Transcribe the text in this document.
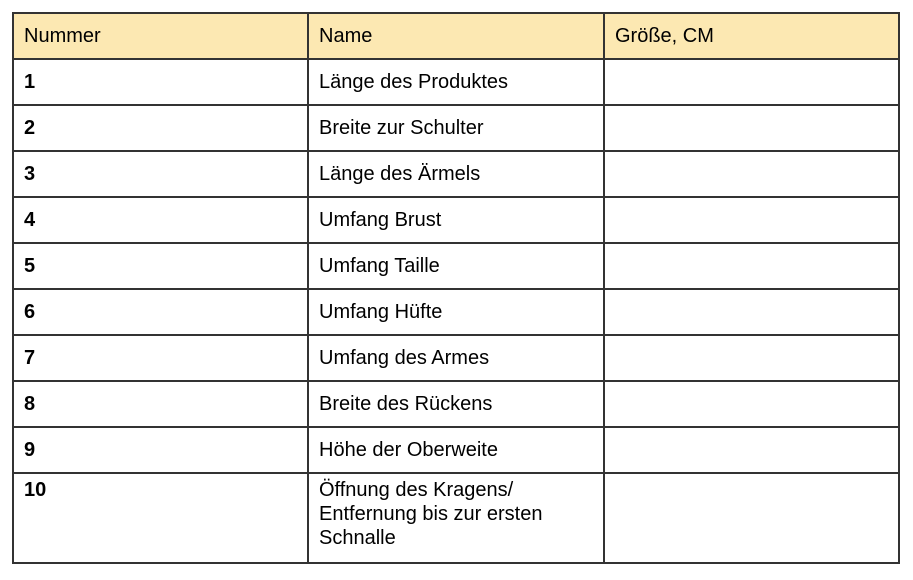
Nummer	Name	Größe, CM
1	Länge des Produktes	
2	Breite zur Schulter	
3	Länge des Ärmels	
4	Umfang Brust	
5	Umfang Taille	
6	Umfang Hüfte	
7	Umfang des Armes	
8	Breite des Rückens	
9	Höhe der Oberweite	
10	Öffnung des Kragens/ Entfernung bis zur ersten Schnalle	
